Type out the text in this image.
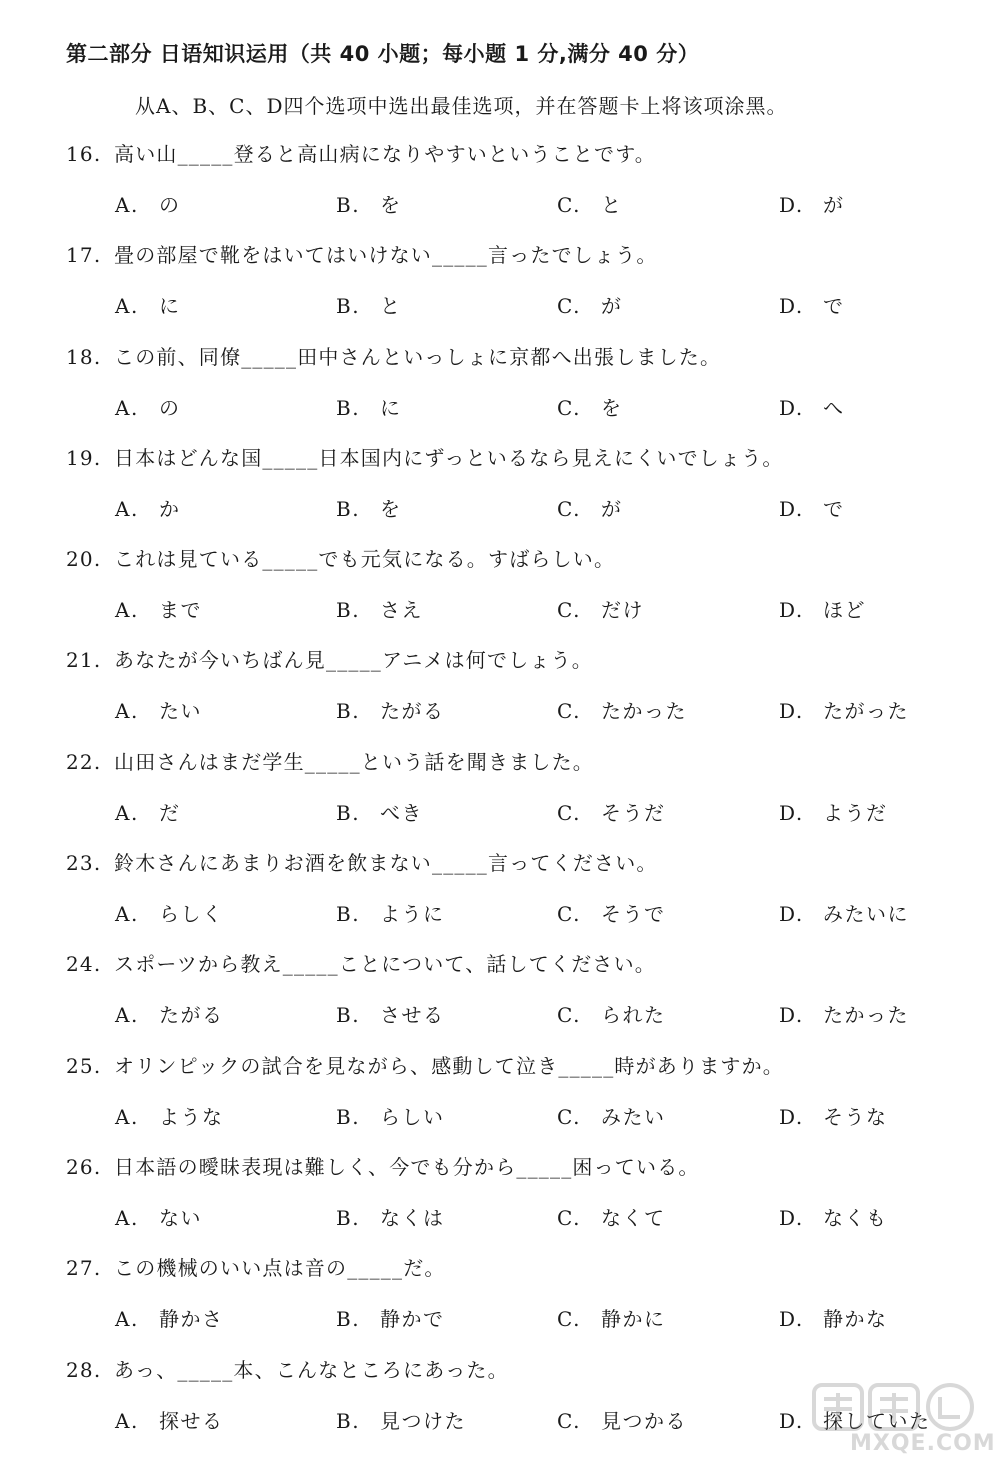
第二部分 日语知识运用（共 40 小题；每小题 1 分,满分 40 分）
从A、B、C、D四个选项中选出最佳选项，并在答题卡上将该项涂黑。
16. 高い山_____登ると高山病になりやすいということです。
A. の	B. を	C. と	D. が
17. 畳の部屋で靴をはいてはいけない_____言ったでしょう。
A. に	B. と	C. が	D. で
18. この前、同僚_____田中さんといっしょに京都へ出張しました。
A. の	B. に	C. を	D. へ
19. 日本はどんな国_____日本国内にずっといるなら見えにくいでしょう。
A. か	B. を	C. が	D. で
20. これは見ている_____でも元気になる。すばらしい。
A. まで	B. さえ	C. だけ	D. ほど
21. あなたが今いちばん見_____アニメは何でしょう。
A. たい	B. たがる	C. たかった	D. たがった
22. 山田さんはまだ学生_____という話を聞きました。
A. だ	B. べき	C. そうだ	D. ようだ
23. 鈴木さんにあまりお酒を飲まない_____言ってください。
A. らしく	B. ように	C. そうで	D. みたいに
24. スポーツから教え_____ことについて、話してください。
A. たがる	B. させる	C. られた	D. たかった
25. オリンピックの試合を見ながら、感動して泣き_____時がありますか。
A. ような	B. らしい	C. みたい	D. そうな
26. 日本語の曖昧表現は難しく、今でも分から_____困っている。
A. ない	B. なくは	C. なくて	D. なくも
27. この機械のいい点は音の_____だ。
A. 静かさ	B. 静かで	C. 静かに	D. 静かな
28. あっ、_____本、こんなところにあった。
A. 探せる	B. 見つけた	C. 見つかる	D. 探していた
MXQE.COM
